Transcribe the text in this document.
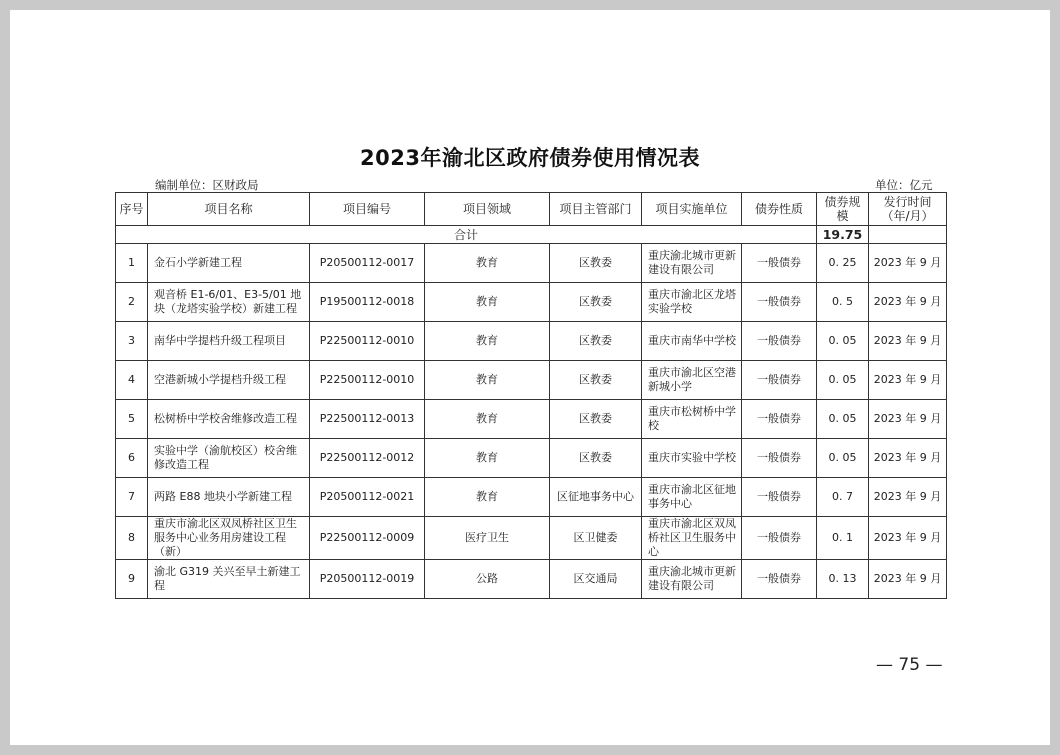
2023年渝北区政府债券使用情况表
编制单位：区财政局	单位：亿元
序号	项目名称	项目编号	项目领域	项目主管部门	项目实施单位	债券性质	债券规模	发行时间（年/月）
合计							19.75	
1	金石小学新建工程	P20500112-0017	教育	区教委	重庆渝北城市更新建设有限公司	一般债券	0. 25	2023 年 9 月
2	观音桥 E1-6/01、E3-5/01 地块（龙塔实验学校）新建工程	P19500112-0018	教育	区教委	重庆市渝北区龙塔实验学校	一般债券	0. 5	2023 年 9 月
3	南华中学提档升级工程项目	P22500112-0010	教育	区教委	重庆市南华中学校	一般债券	0. 05	2023 年 9 月
4	空港新城小学提档升级工程	P22500112-0010	教育	区教委	重庆市渝北区空港新城小学	一般债券	0. 05	2023 年 9 月
5	松树桥中学校舍维修改造工程	P22500112-0013	教育	区教委	重庆市松树桥中学校	一般债券	0. 05	2023 年 9 月
6	实验中学（渝航校区）校舍维修改造工程	P22500112-0012	教育	区教委	重庆市实验中学校	一般债券	0. 05	2023 年 9 月
7	两路 E88 地块小学新建工程	P20500112-0021	教育	区征地事务中心	重庆市渝北区征地事务中心	一般债券	0. 7	2023 年 9 月
8	重庆市渝北区双凤桥社区卫生服务中心业务用房建设工程（新）	P22500112-0009	医疗卫生	区卫健委	重庆市渝北区双凤桥社区卫生服务中心	一般债券	0. 1	2023 年 9 月
9	渝北 G319 关兴至早土新建工程	P20500112-0019	公路	区交通局	重庆渝北城市更新建设有限公司	一般债券	0. 13	2023 年 9 月
— 75 —
